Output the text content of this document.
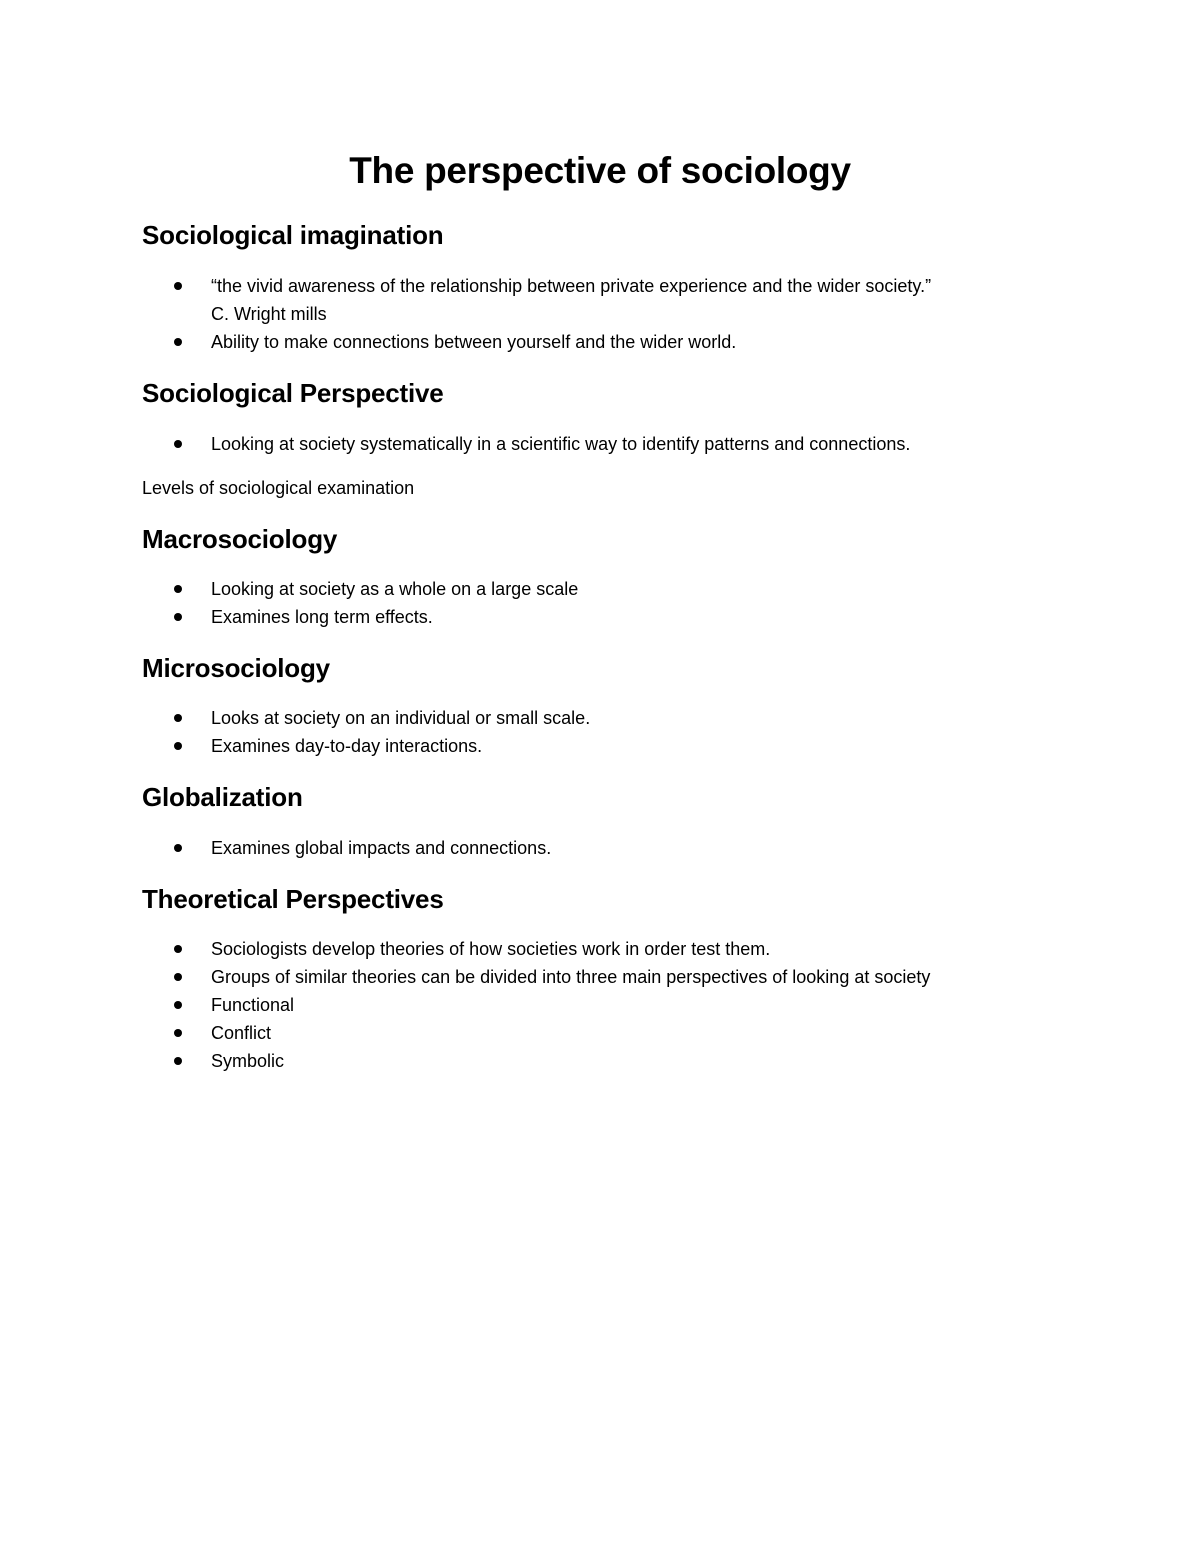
The perspective of sociology
Sociological imagination
“the vivid awareness of the relationship between private experience and the wider society.”
C. Wright mills
Ability to make connections between yourself and the wider world.
Sociological Perspective
Looking at society systematically in a scientific way to identify patterns and connections.
Levels of sociological examination
Macrosociology
Looking at society as a whole on a large scale
Examines long term effects.
Microsociology
Looks at society on an individual or small scale.
Examines day-to-day interactions.
Globalization
Examines global impacts and connections.
Theoretical Perspectives
Sociologists develop theories of how societies work in order test them.
Groups of similar theories can be divided into three main perspectives of looking at society
Functional
Conflict
Symbolic
